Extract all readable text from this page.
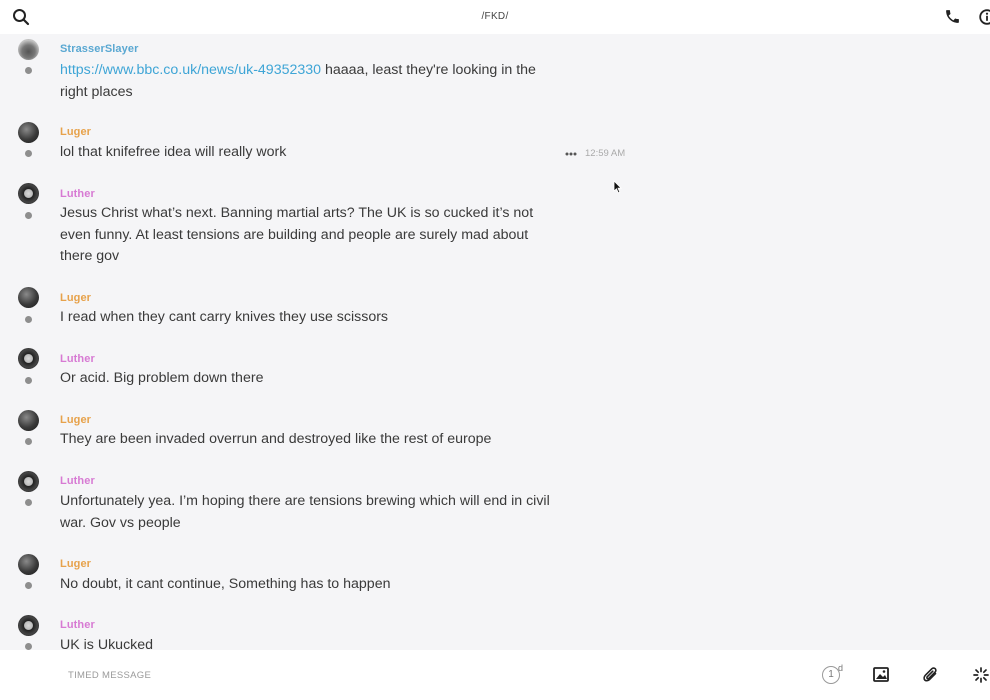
/FKD/
StrasserSlayer
https://www.bbc.co.uk/news/uk-49352330 haaaa, least they're looking in the right places
Luger
lol that knifefree idea will really work	12:59 AM
Luther
Jesus Christ what’s next. Banning martial arts? The UK is so cucked it’s not even funny. At least tensions are building and people are surely mad about there gov
Luger
I read when they cant carry knives they use scissors
Luther
Or acid. Big problem down there
Luger
They are been invaded overrun and destroyed like the rest of europe
Luther
Unfortunately yea. I’m hoping there are tensions brewing which will end in civil war. Gov vs people
Luger
No doubt, it cant continue, Something has to happen
Luther
UK is Ukucked
TIMED MESSAGE	1
d
